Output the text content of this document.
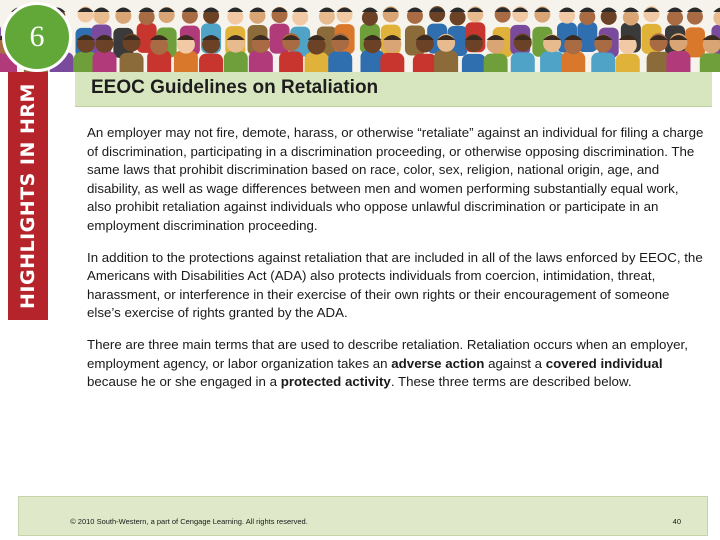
6
HIGHLIGHTS IN HRM	EEOC Guidelines on Retaliation

An employer may not fire, demote, harass, or otherwise “retaliate” against an individual for filing a charge of discrimination, participating in a discrimination proceeding, or otherwise opposing discrimination. The same laws that prohibit discrimination based on race, color, sex, religion, national origin, age, and disability, as well as wage differences between men and women performing substantially equal work, also prohibit retaliation against individuals who oppose unlawful discrimination or participate in an employment discrimination proceeding.

In addition to the protections against retaliation that are included in all of the laws enforced by EEOC, the Americans with Disabilities Act (ADA) also protects individuals from coercion, intimidation, threat, harassment, or interference in their exercise of their own rights or their encouragement of someone else’s exercise of rights granted by the ADA.

There are three main terms that are used to describe retaliation. Retaliation occurs when an employer, employment agency, or labor organization takes an adverse action against a covered individual because he or she engaged in a protected activity. These three terms are described below.

© 2010 South-Western, a part of Cengage Learning. All rights reserved.	40
